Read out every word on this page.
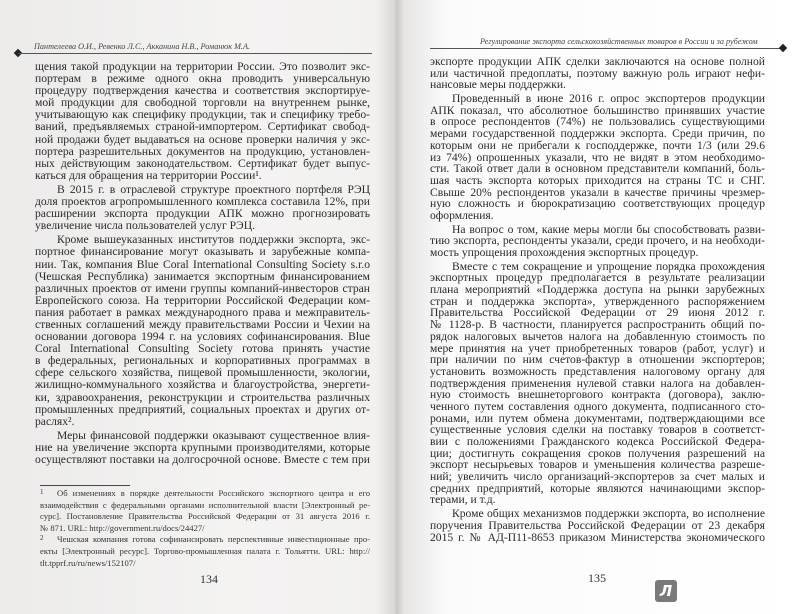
Пантелеева О.И., Ревенко Л.С., Акканина Н.В., Романюк М.А.
щения такой продукции на территории России. Это позволит экс-
портерам в режиме одного окна проводить универсальную
процедуру подтверждения качества и соответствия экспортируе-
мой продукции для свободной торговли на внутреннем рынке,
учитывающую как специфику продукции, так и специфику требо-
ваний, предъявляемых страной-импортером. Сертификат свобод-
ной продажи будет выдаваться на основе проверки наличия у экс-
портера разрешительных документов на продукцию, установлен-
ных действующим законодательством. Сертификат будет выпус-
каться для обращения на территории России¹.
В 2015 г. в отраслевой структуре проектного портфеля РЭЦ
доля проектов агропромышленного комплекса составила 12%, при
расширении экспорта продукции АПК можно прогнозировать
увеличение числа пользователей услуг РЭЦ.
Кроме вышеуказанных институтов поддержки экспорта, экс-
портное финансирование могут оказывать и зарубежные компа-
нии. Так, компания Blue Coral International Consulting Society s.r.o
(Чешская Республика) занимается экспортным финансированием
различных проектов от имени группы компаний-инвесторов стран
Европейского союза. На территории Российской Федерации ком-
пания работает в рамках международного права и межправитель-
ственных соглашений между правительствами России и Чехии на
основании договора 1994 г. на условиях софинансирования. Blue
Coral International Consulting Society готова принять участие
в федеральных, региональных и корпоративных программах в
сфере сельского хозяйства, пищевой промышленности, экологии,
жилищно-коммунального хозяйства и благоустройства, энергети-
ки, здравоохранения, реконструкции и строительства различных
промышленных предприятий, социальных проектах и других от-
раслях².
Меры финансовой поддержки оказывают существенное влия-
ние на увеличение экспорта крупными производителями, которые
осуществляют поставки на долгосрочной основе. Вместе с тем при
1	Об изменениях в порядке деятельности Российского экспортного центра и его
взаимодействия с федеральными органами исполнительной власти [Электронный ре-
сурс]. Постановление Правительства Российской Федерации от 31 августа 2016 г.
№ 871. URL: http://government.ru/docs/24427/
2	Чешская компания готова софинансировать перспективные инвестиционные про-
екты [Электронный ресурс]. Торгово-промышленная палата г. Тольятти. URL: http://
tlt.tpprf.ru/ru/news/152107/
134
Регулирование экспорта сельскохозяйственных товаров в России и за рубежом
экспорте продукции АПК сделки заключаются на основе полной
или частичной предоплаты, поэтому важную роль играют нефи-
нансовые меры поддержки.
Проведенный в июне 2016 г. опрос экспортеров продукции
АПК показал, что абсолютное большинство принявших участие
в опросе респондентов (74%) не пользовались существующими
мерами государственной поддержки экспорта. Среди причин, по
которым они не прибегали к господдержке, почти 1/3 (или 29.6
из 74%) опрошенных указали, что не видят в этом необходимо-
сти. Такой ответ дали в основном представители компаний, боль-
шая часть экспорта которых приходится на страны ТС и СНГ.
Свыше 20% респондентов указали в качестве причины чрезмер-
ную сложность и бюрократизацию соответствующих процедур
оформления.
На вопрос о том, какие меры могли бы способствовать разви-
тию экспорта, респонденты указали, среди прочего, и на необходи-
мость упрощения прохождения экспортных процедур.
Вместе с тем сокращение и упрощение порядка прохождения
экспортных процедур предполагается в результате реализации
плана мероприятий «Поддержка доступа на рынки зарубежных
стран и поддержка экспорта», утвержденного распоряжением
Правительства Российской Федерации от 29 июня 2012 г.
№ 1128-р. В частности, планируется распространить общий по-
рядок налоговых вычетов налога на добавленную стоимость по
мере принятия на учет приобретенных товаров (работ, услуг) и
при наличии по ним счетов-фактур в отношении экспортеров;
установить возможность представления налоговому органу для
подтверждения применения нулевой ставки налога на добавлен-
ную стоимость внешнеторгового контракта (договора), заклю-
ченного путем составления одного документа, подписанного сто-
ронами, или путем обмена документами, подтверждающими все
существенные условия сделки на поставку товаров в соответст-
вии с положениями Гражданского кодекса Российской Федера-
ции; достигнуть сокращения сроков получения разрешений на
экспорт несырьевых товаров и уменьшения количества разреше-
ний; увеличить число организаций-экспортеров за счет малых и
средних предприятий, которые являются начинающими экспор-
терами, и т.д.
Кроме общих механизмов поддержки экспорта, во исполнение
поручения Правительства Российской Федерации от 23 декабря
2015 г. № АД-П11-8653 приказом Министерства экономического
135
Л
